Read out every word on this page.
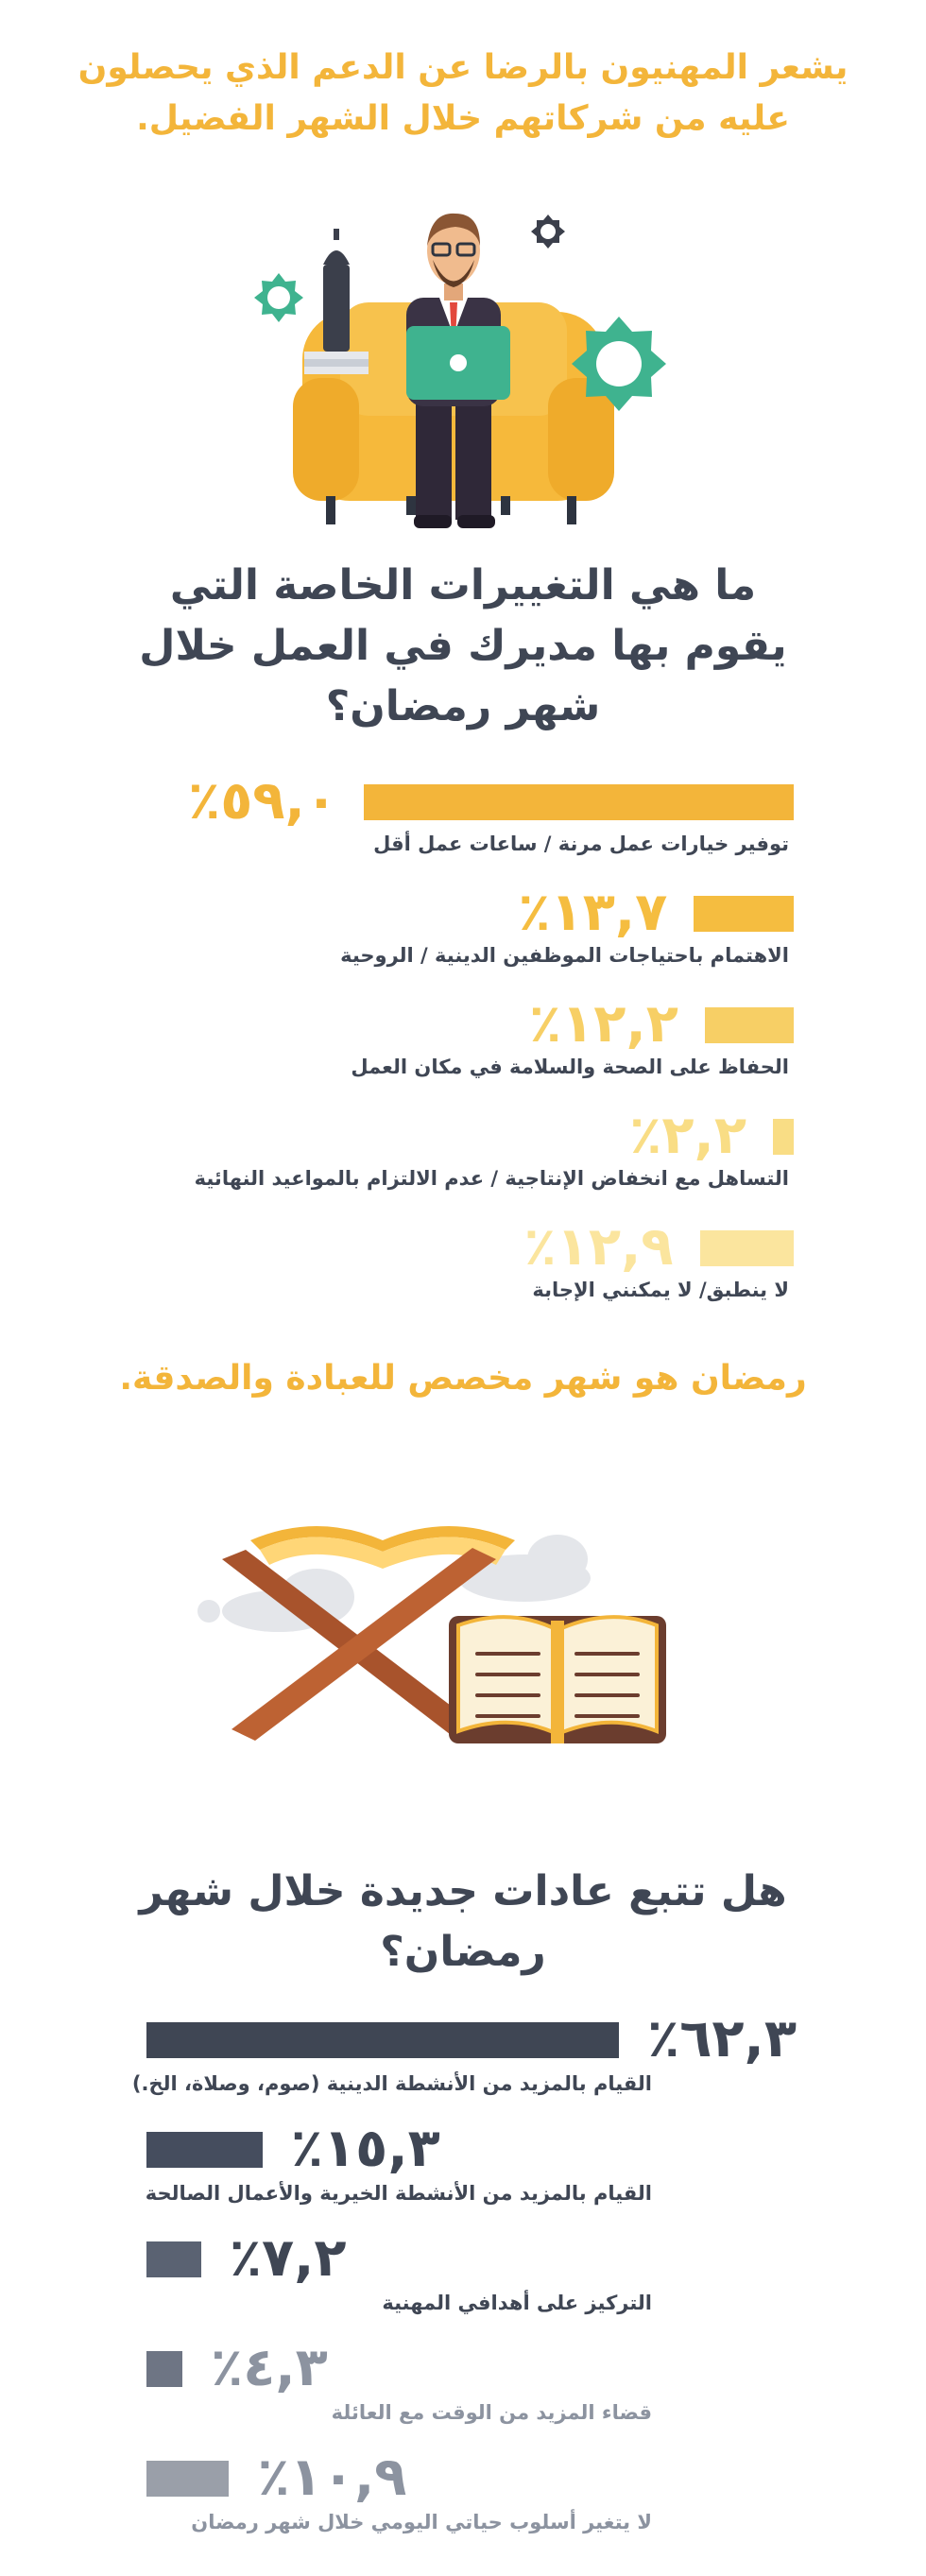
يشعر المهنيون بالرضا عن الدعم الذي يحصلون عليه من شركاتهم خلال الشهر الفضيل.

ما هي التغييرات الخاصة التي يقوم بها مديرك في العمل خلال شهر رمضان؟
٥٩,٠٪
توفير خيارات عمل مرنة / ساعات عمل أقل
١٣,٧٪
الاهتمام باحتياجات الموظفين الدينية / الروحية
١٢,٢٪
الحفاظ على الصحة والسلامة في مكان العمل
٢,٢٪
التساهل مع انخفاض الإنتاجية / عدم الالتزام بالمواعيد النهائية
١٢,٩٪
لا ينطبق/ لا يمكنني الإجابة

رمضان هو شهر مخصص للعبادة والصدقة.

هل تتبع عادات جديدة خلال شهر رمضان؟
٦٢,٣٪
القيام بالمزيد من الأنشطة الدينية (صوم، وصلاة، الخ.)
١٥,٣٪
القيام بالمزيد من الأنشطة الخيرية والأعمال الصالحة
٧,٢٪
التركيز على أهدافي المهنية
٤,٣٪
قضاء المزيد من الوقت مع العائلة
١٠,٩٪
لا يتغير أسلوب حياتي اليومي خلال شهر رمضان
